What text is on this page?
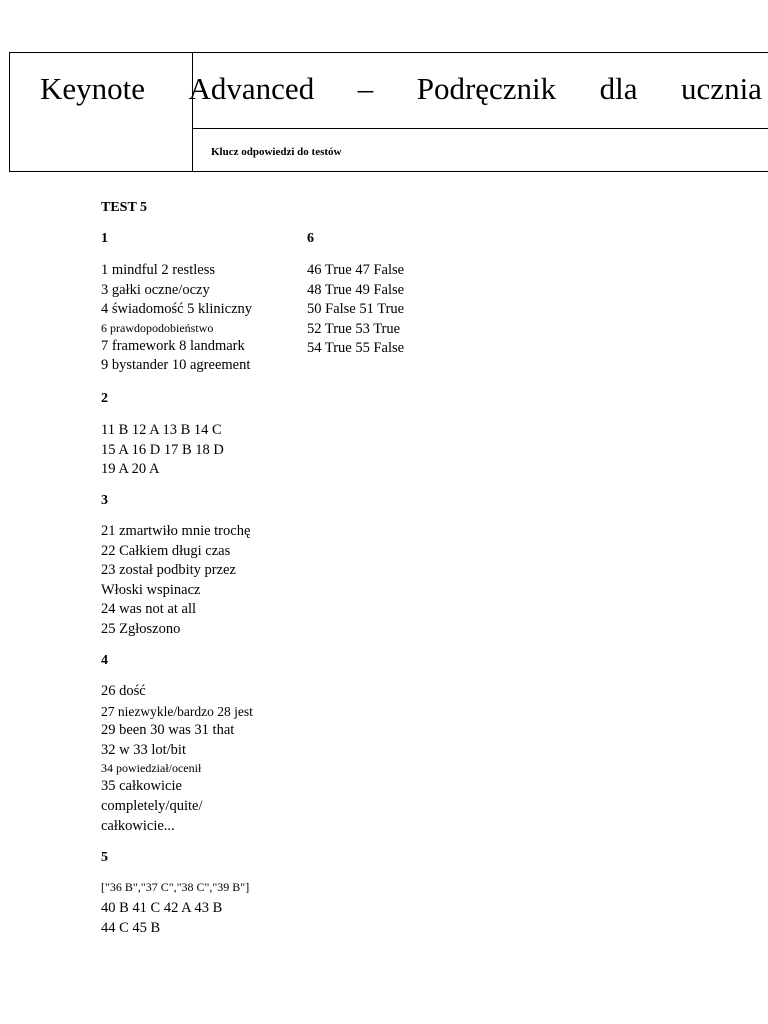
Keynote Advanced – Podręcznik dla ucznia
Klucz odpowiedzi do testów
TEST 5
1
1 mindful 2 restless
3 gałki oczne/oczy
4 świadomość 5 kliniczny
6 prawdopodobieństwo
7 framework 8 landmark
9 bystander 10 agreement
2
11 B 12 A 13 B 14 C
15 A 16 D 17 B 18 D
19 A 20 A
3
21 zmartwiło mnie trochę
22 Całkiem długi czas
23 został podbity przez
Włoski wspinacz
24 was not at all
25 Zgłoszono
4
26 dość
27 niezwykle/bardzo 28 jest
29 been 30 was 31 that
32 w 33 lot/bit
34 powiedział/ocenił
35 całkowicie
completely/quite/
całkowicie...
5
["36 B","37 C","38 C","39 B"]
40 B 41 C 42 A 43 B
44 C 45 B
6
46 True 47 False
48 True 49 False
50 False 51 True
52 True 53 True
54 True 55 False
